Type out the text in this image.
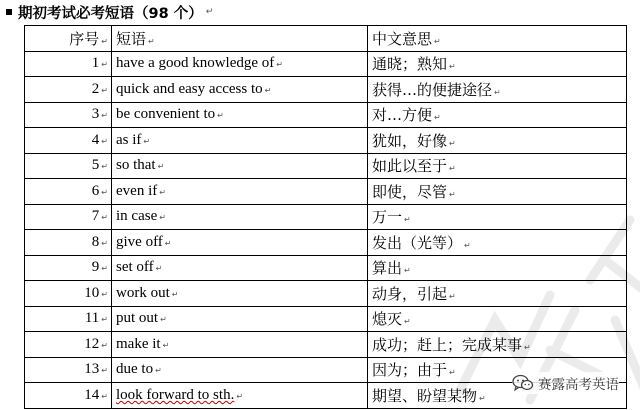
期初考试必考短语（98 个） ↵
序号 ↵	短语 ↵	中文意思 ↵
1 ↵	have a good knowledge of ↵	通晓；熟知 ↵
2 ↵	quick and easy access to ↵	获得…的便捷途径 ↵
3 ↵	be convenient to ↵	对…方便 ↵
4 ↵	as if ↵	犹如，好像 ↵
5 ↵	so that ↵	如此以至于 ↵
6 ↵	even if ↵	即使，尽管 ↵
7 ↵	in case ↵	万一 ↵
8 ↵	give off ↵	发出（光等） ↵
9 ↵	set off ↵	算出 ↵
10 ↵	work out ↵	动身，引起 ↵
11 ↵	put out ↵	熄灭 ↵
12 ↵	make it ↵	成功；赶上；完成某事 ↵
13 ↵	due to ↵	因为；由于 ↵
14 ↵	look forward to sth. ↵	期望、盼望某物 ↵
赛露高考英语
